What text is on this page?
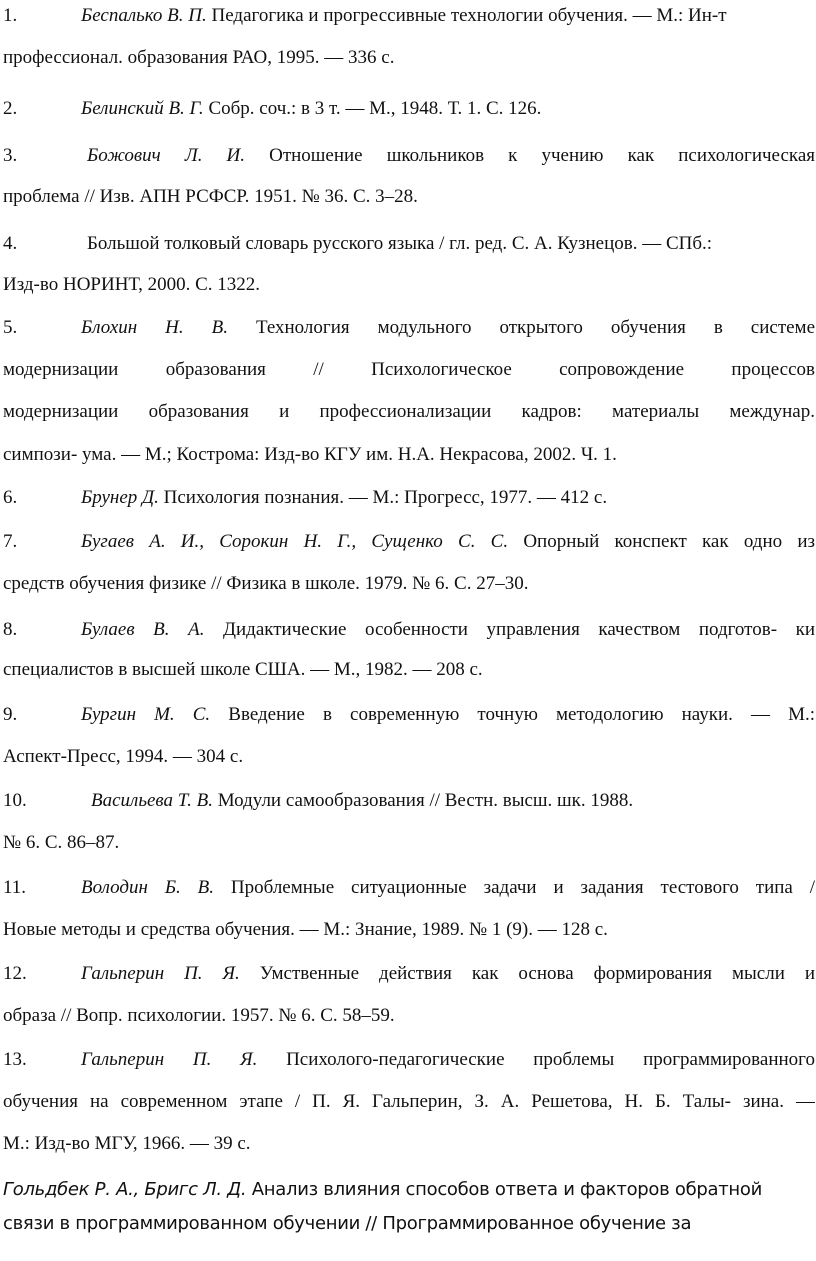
1.	Беспалько В. П. Педагогика и прогрессивные технологии обучения. — М.: Ин-т
профессионал. образования РАО, 1995. — 336 с.
2.	Белинский В. Г. Собр. соч.: в 3 т. — М., 1948. Т. 1. С. 126.
3.	Божович Л. И. Отношение школьников к учению как психологическая
проблема // Изв. АПН РСФСР. 1951. № 36. С. 3–28.
4.	Большой толковый словарь русского языка / гл. ред. С. А. Кузнецов. — СПб.:
Изд-во НОРИНТ, 2000. С. 1322.
5.	Блохин Н. В. Технология модульного открытого обучения в системе
модернизации образования // Психологическое сопровождение процессов
модернизации образования и профессионализации кадров: материалы междунар.
симпози- ума. — М.; Кострома: Изд-во КГУ им. Н.А. Некрасова, 2002. Ч. 1.
6.	Брунер Д. Психология познания. — М.: Прогресс, 1977. — 412 с.
7.	Бугаев А. И., Сорокин Н. Г., Сущенко С. С. Опорный конспект как одно из
средств обучения физике // Физика в школе. 1979. № 6. С. 27–30.
8.	Булаев В. А. Дидактические особенности управления качеством подготов- ки
специалистов в высшей школе США. — М., 1982. — 208 с.
9.	Бургин М. С. Введение в современную точную методологию науки. — М.:
Аспект-Пресс, 1994. — 304 с.
10.	Васильева Т. В. Модули самообразования // Вестн. высш. шк. 1988.
№ 6. С. 86–87.
11.	Володин Б. В. Проблемные ситуационные задачи и задания тестового типа /
Новые методы и средства обучения. — М.: Знание, 1989. № 1 (9). — 128 с.
12.	Гальперин П. Я. Умственные действия как основа формирования мысли и
образа // Вопр. психологии. 1957. № 6. С. 58–59.
13.	Гальперин П. Я. Психолого-педагогические проблемы программированного
обучения на современном этапе / П. Я. Гальперин, З. А. Решетова, Н. Б. Талы- зина. —
М.: Изд-во МГУ, 1966. — 39 с.
Гольдбек Р. А., Бригс Л. Д. Анализ влияния способов ответа и факторов обратной
связи в программированном обучении // Программированное обучение за
